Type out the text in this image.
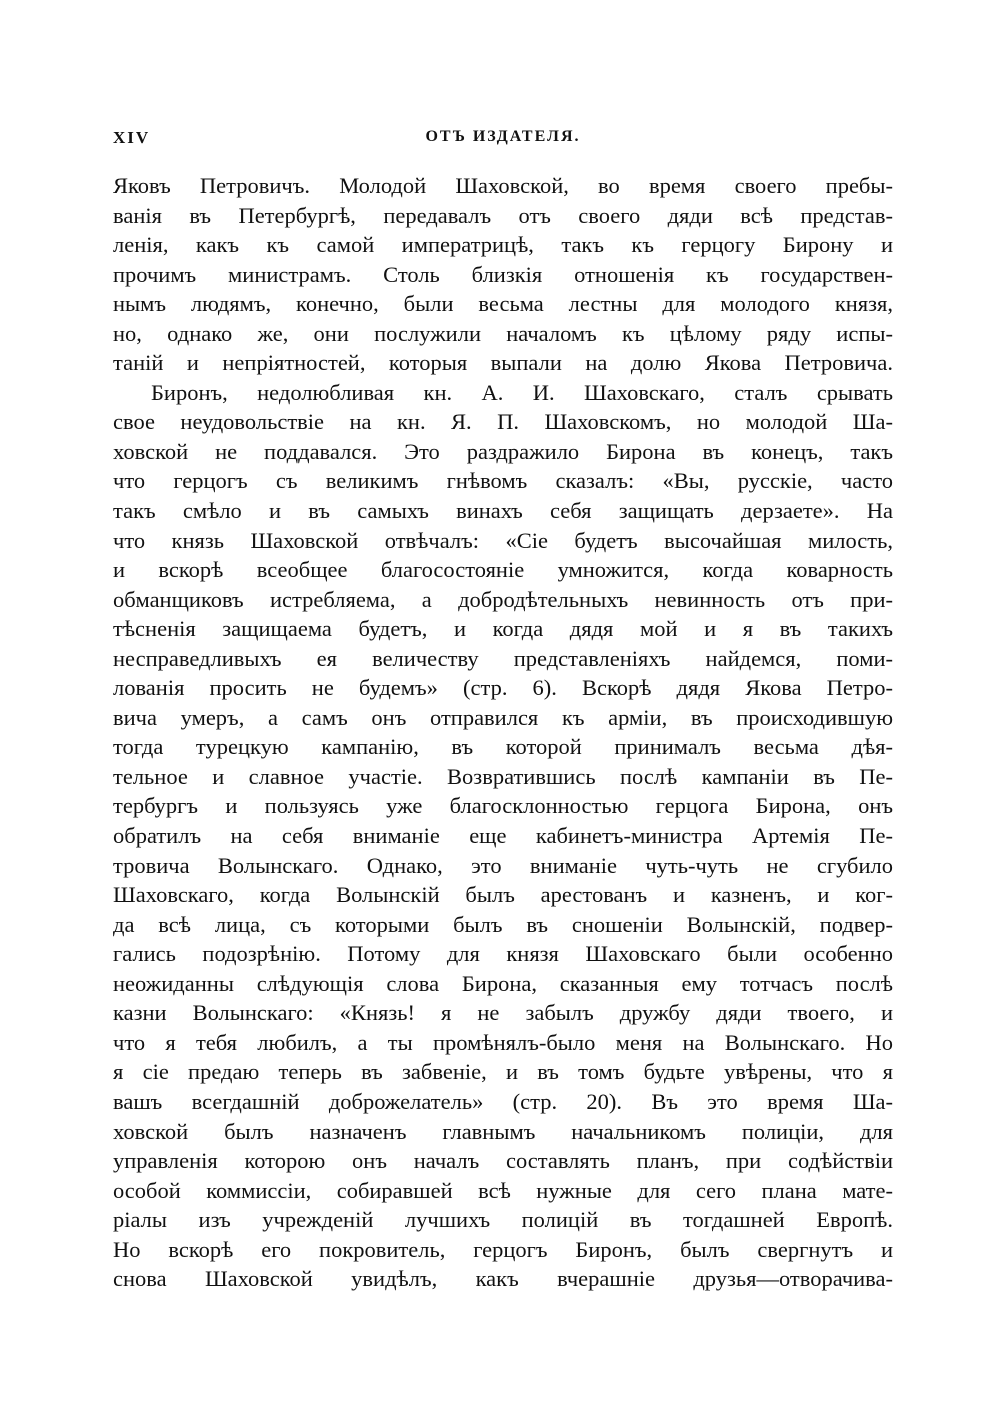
XIV	ОТЪ ИЗДАТЕЛЯ.
Яковъ Петровичъ. Молодой Шаховской, во время своего пребы-
ванія въ Петербургѣ, передавалъ отъ своего дяди всѣ представ-
ленія, какъ къ самой императрицѣ, такъ къ герцогу Бирону и
прочимъ министрамъ. Столь близкія отношенія къ государствен-
нымъ людямъ, конечно, были весьма лестны для молодого князя,
но, однако же, они послужили началомъ къ цѣлому ряду испы-
таній и непріятностей, которыя выпали на долю Якова Петровича.
Биронъ, недолюбливая кн. А. И. Шаховскаго, сталъ срывать
свое неудовольствіе на кн. Я. П. Шаховскомъ, но молодой Ша-
ховской не поддавался. Это раздражило Бирона въ конецъ, такъ
что герцогъ съ великимъ гнѣвомъ сказалъ: «Вы, русскіе, часто
такъ смѣло и въ самыхъ винахъ себя защищать дерзаете». На
что князь Шаховской отвѣчалъ: «Сіе будетъ высочайшая милость,
и вскорѣ всеобщее благосостояніе умножится, когда коварность
обманщиковъ истребляема, а добродѣтельныхъ невинность отъ при-
тѣсненія защищаема будетъ, и когда дядя мой и я въ такихъ
несправедливыхъ ея величеству представленіяхъ найдемся, поми-
лованія просить не будемъ» (стр. 6). Вскорѣ дядя Якова Петро-
вича умеръ, а самъ онъ отправился къ арміи, въ происходившую
тогда турецкую кампанію, въ которой принималъ весьма дѣя-
тельное и славное участіе. Возвратившись послѣ кампаніи въ Пе-
тербургъ и пользуясь уже благосклонностью герцога Бирона, онъ
обратилъ на себя вниманіе еще кабинетъ-министра Артемія Пе-
тровича Волынскаго. Однако, это вниманіе чуть-чуть не сгубило
Шаховскаго, когда Волынскій былъ арестованъ и казненъ, и ког-
да всѣ лица, съ которыми былъ въ сношеніи Волынскій, подвер-
гались подозрѣнію. Потому для князя Шаховскаго были особенно
неожиданны слѣдующія слова Бирона, сказанныя ему тотчасъ послѣ
казни Волынскаго: «Князь! я не забылъ дружбу дяди твоего, и
что я тебя любилъ, а ты промѣнялъ-было меня на Волынскаго. Но
я сіе предаю теперь въ забвеніе, и въ томъ будьте увѣрены, что я
вашъ всегдашній доброжелатель» (стр. 20). Въ это время Ша-
ховской былъ назначенъ главнымъ начальникомъ полиціи, для
управленія которою онъ началъ составлять планъ, при содѣйствіи
особой коммиссіи, собиравшей всѣ нужные для сего плана мате-
ріалы изъ учрежденій лучшихъ полицій въ тогдашней Европѣ.
Но вскорѣ его покровитель, герцогъ Биронъ, былъ свергнутъ и
снова Шаховской увидѣлъ, какъ вчерашніе друзья—отворачива-
